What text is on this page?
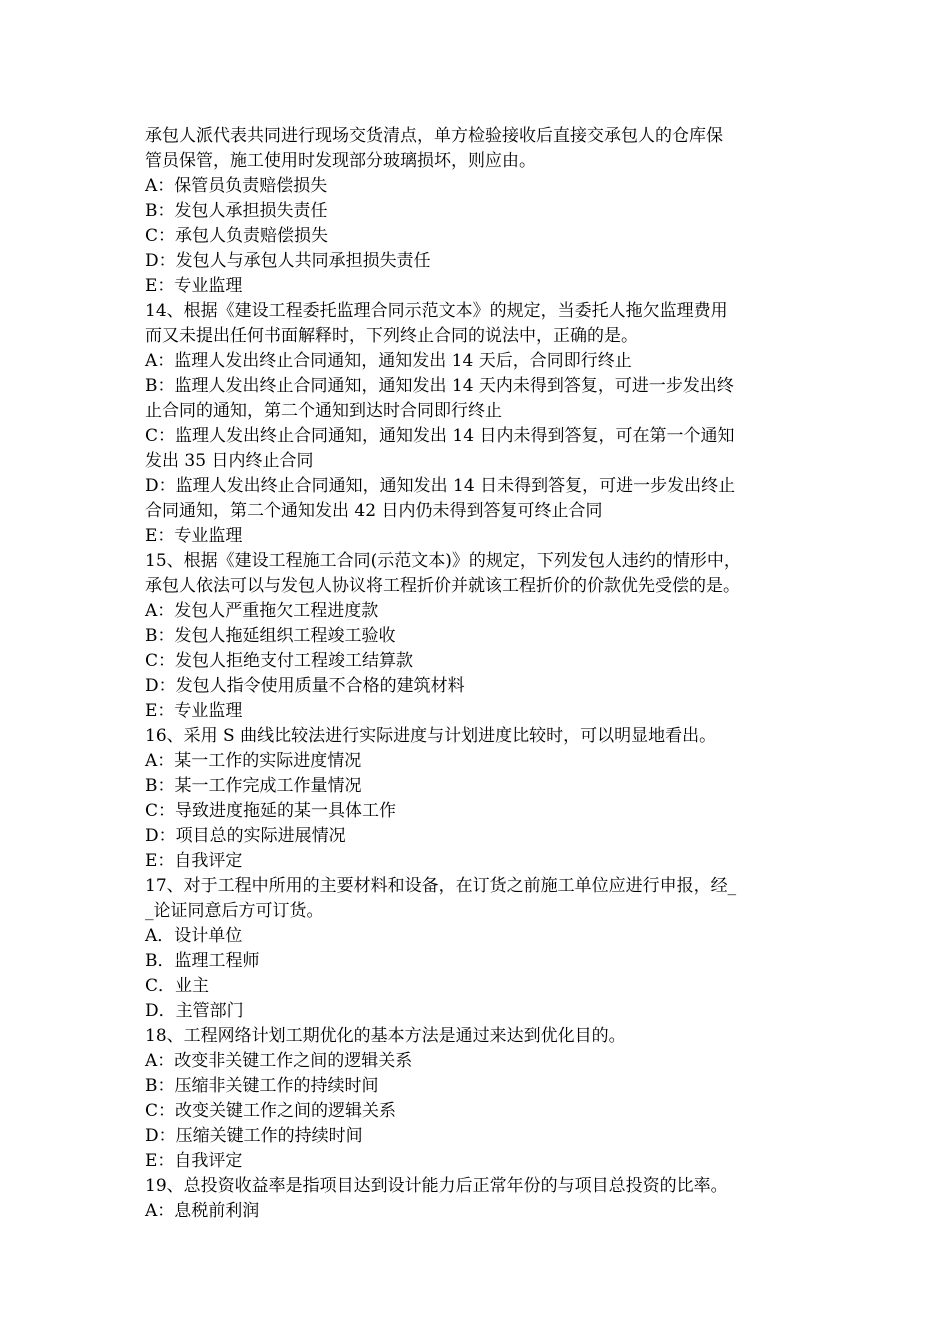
承包人派代表共同进行现场交货清点，单方检验接收后直接交承包人的仓库保
管员保管，施工使用时发现部分玻璃损坏，则应由。
A：保管员负责赔偿损失
B：发包人承担损失责任
C：承包人负责赔偿损失
D：发包人与承包人共同承担损失责任
E：专业监理
14、根据《建设工程委托监理合同示范文本》的规定，当委托人拖欠监理费用
而又未提出任何书面解释时，下列终止合同的说法中，正确的是。
A：监理人发出终止合同通知，通知发出 14 天后，合同即行终止
B：监理人发出终止合同通知，通知发出 14 天内未得到答复，可进一步发出终
止合同的通知，第二个通知到达时合同即行终止
C：监理人发出终止合同通知，通知发出 14 日内未得到答复，可在第一个通知
发出 35 日内终止合同
D：监理人发出终止合同通知，通知发出 14 日未得到答复，可进一步发出终止
合同通知，第二个通知发出 42 日内仍未得到答复可终止合同
E：专业监理
15、根据《建设工程施工合同(示范文本)》的规定，下列发包人违约的情形中，
承包人依法可以与发包人协议将工程折价并就该工程折价的价款优先受偿的是。
A：发包人严重拖欠工程进度款
B：发包人拖延组织工程竣工验收
C：发包人拒绝支付工程竣工结算款
D：发包人指令使用质量不合格的建筑材料
E：专业监理
16、采用 S 曲线比较法进行实际进度与计划进度比较时，可以明显地看出。
A：某一工作的实际进度情况
B：某一工作完成工作量情况
C：导致进度拖延的某一具体工作
D：项目总的实际进展情况
E：自我评定
17、对于工程中所用的主要材料和设备，在订货之前施工单位应进行申报，经_
_论证同意后方可订货。
A．设计单位
B．监理工程师
C．业主
D．主管部门
18、工程网络计划工期优化的基本方法是通过来达到优化目的。
A：改变非关键工作之间的逻辑关系
B：压缩非关键工作的持续时间
C：改变关键工作之间的逻辑关系
D：压缩关键工作的持续时间
E：自我评定
19、总投资收益率是指项目达到设计能力后正常年份的与项目总投资的比率。
A：息税前利润
